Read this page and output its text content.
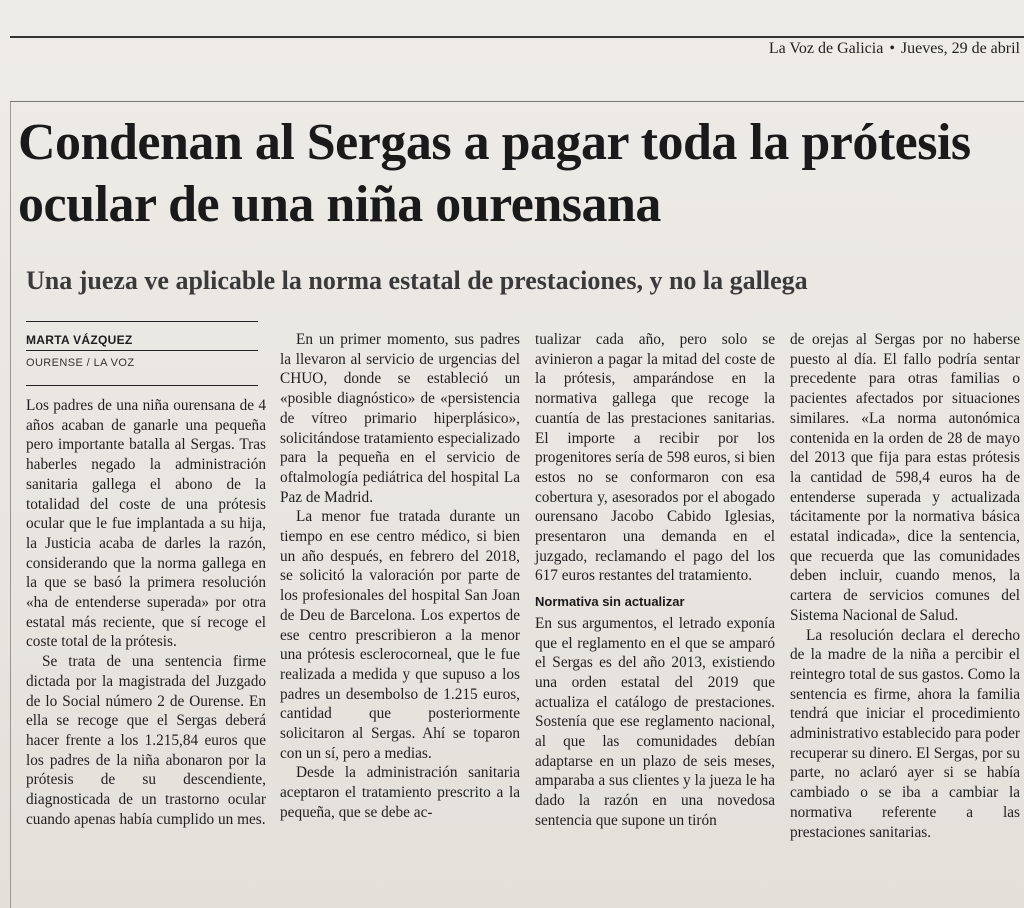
La Voz de Galicia • Jueves, 29 de abril
Condenan al Sergas a pagar toda la prótesis ocular de una niña ourensana
Una jueza ve aplicable la norma estatal de prestaciones, y no la gallega
MARTA VÁZQUEZ
OURENSE / LA VOZ

Los padres de una niña ourensana de 4 años acaban de ganarle una pequeña pero importante batalla al Sergas. Tras haberles negado la administración sanitaria gallega el abono de la totalidad del coste de una prótesis ocular que le fue implantada a su hija, la Justicia acaba de darles la razón, considerando que la norma gallega en la que se basó la primera resolución «ha de entenderse superada» por otra estatal más reciente, que sí recoge el coste total de la prótesis.

Se trata de una sentencia firme dictada por la magistrada del Juzgado de lo Social número 2 de Ourense. En ella se recoge que el Sergas deberá hacer frente a los 1.215,84 euros que los padres de la niña abonaron por la prótesis de su descendiente, diagnosticada de un trastorno ocular cuando apenas había cumplido un mes.

En un primer momento, sus padres la llevaron al servicio de urgencias del CHUO, donde se estableció un «posible diagnóstico» de «persistencia de vítreo primario hiperplásico», solicitándose tratamiento especializado para la pequeña en el servicio de oftalmología pediátrica del hospital La Paz de Madrid.

La menor fue tratada durante un tiempo en ese centro médico, si bien un año después, en febrero del 2018, se solicitó la valoración por parte de los profesionales del hospital San Joan de Deu de Barcelona. Los expertos de ese centro prescribieron a la menor una prótesis esclerocorneal, que le fue realizada a medida y que supuso a los padres un desembolso de 1.215 euros, cantidad que posteriormente solicitaron al Sergas. Ahí se toparon con un sí, pero a medias.

Desde la administración sanitaria aceptaron el tratamiento prescrito a la pequeña, que se debe ac-

tualizar cada año, pero solo se avinieron a pagar la mitad del coste de la prótesis, amparándose en la normativa gallega que recoge la cuantía de las prestaciones sanitarias. El importe a recibir por los progenitores sería de 598 euros, si bien estos no se conformaron con esa cobertura y, asesorados por el abogado ourensano Jacobo Cabido Iglesias, presentaron una demanda en el juzgado, reclamando el pago del los 617 euros restantes del tratamiento.

Normativa sin actualizar

En sus argumentos, el letrado exponía que el reglamento en el que se amparó el Sergas es del año 2013, existiendo una orden estatal del 2019 que actualiza el catálogo de prestaciones. Sostenía que ese reglamento nacional, al que las comunidades debían adaptarse en un plazo de seis meses, amparaba a sus clientes y la jueza le ha dado la razón en una novedosa sentencia que supone un tirón

de orejas al Sergas por no haberse puesto al día. El fallo podría sentar precedente para otras familias o pacientes afectados por situaciones similares. «La norma autonómica contenida en la orden de 28 de mayo del 2013 que fija para estas prótesis la cantidad de 598,4 euros ha de entenderse superada y actualizada tácitamente por la normativa básica estatal indicada», dice la sentencia, que recuerda que las comunidades deben incluir, cuando menos, la cartera de servicios comunes del Sistema Nacional de Salud.

La resolución declara el derecho de la madre de la niña a percibir el reintegro total de sus gastos. Como la sentencia es firme, ahora la familia tendrá que iniciar el procedimiento administrativo establecido para poder recuperar su dinero. El Sergas, por su parte, no aclaró ayer si se había cambiado o se iba a cambiar la normativa referente a las prestaciones sanitarias.
